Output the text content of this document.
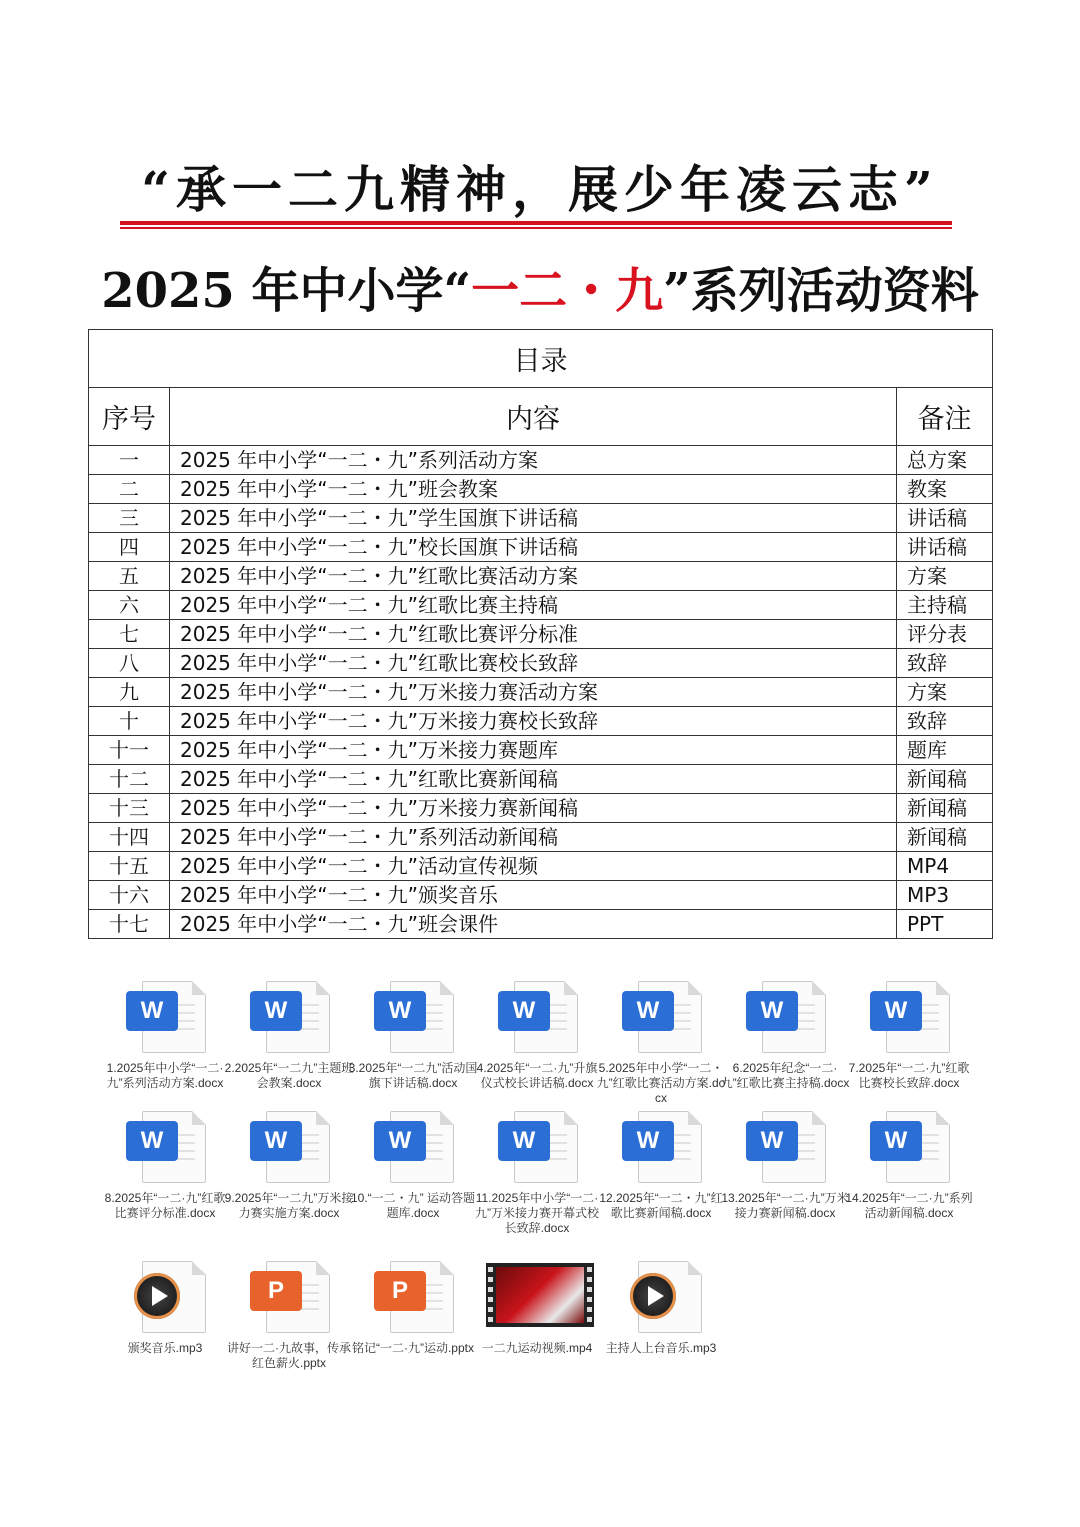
“承一二九精神，展少年凌云志”
2025 年中小学“一二・九”系列活动资料
目录		
序号	内容	备注
一	2025 年中小学“一二・九”系列活动方案	总方案
二	2025 年中小学“一二・九”班会教案	教案
三	2025 年中小学“一二・九”学生国旗下讲话稿	讲话稿
四	2025 年中小学“一二・九”校长国旗下讲话稿	讲话稿
五	2025 年中小学“一二・九”红歌比赛活动方案	方案
六	2025 年中小学“一二・九”红歌比赛主持稿	主持稿
七	2025 年中小学“一二・九”红歌比赛评分标准	评分表
八	2025 年中小学“一二・九”红歌比赛校长致辞	致辞
九	2025 年中小学“一二・九”万米接力赛活动方案	方案
十	2025 年中小学“一二・九”万米接力赛校长致辞	致辞
十一	2025 年中小学“一二・九”万米接力赛题库	题库
十二	2025 年中小学“一二・九”红歌比赛新闻稿	新闻稿
十三	2025 年中小学“一二・九”万米接力赛新闻稿	新闻稿
十四	2025 年中小学“一二・九”系列活动新闻稿	新闻稿
十五	2025 年中小学“一二・九”活动宣传视频	MP4
十六	2025 年中小学“一二・九”颁奖音乐	MP3
十七	2025 年中小学“一二・九”班会课件	PPT
W
1.2025年中小学“一二·九”系列活动方案.docx
W
2.2025年“一二九”主题班会教案.docx
W
3.2025年“一二九”活动国旗下讲话稿.docx
W
4.2025年“一二·九”升旗仪式校长讲话稿.docx
W
5.2025年中小学“一二・九”红歌比赛活动方案.docx
W
6.2025年纪念“一二·九”红歌比赛主持稿.docx
W
7.2025年“一二·九”红歌比赛校长致辞.docx
W
8.2025年“一二·九”红歌比赛评分标准.docx
W
9.2025年“一二九”万米接力赛实施方案.docx
W
10.“一二・九” 运动答题题库.docx
W
11.2025年中小学“一二·九”万米接力赛开幕式校长致辞.docx
W
12.2025年“一二・九”红歌比赛新闻稿.docx
W
13.2025年“一二·九”万米接力赛新闻稿.docx
W
14.2025年“一二·九”系列活动新闻稿.docx
颁奖音乐.mp3
P
讲好一二·九故事，传承红色薪火.pptx
P
铭记“一二·九”运动.pptx 一二九运动视频.mp4	主持人上台音乐.mp3
